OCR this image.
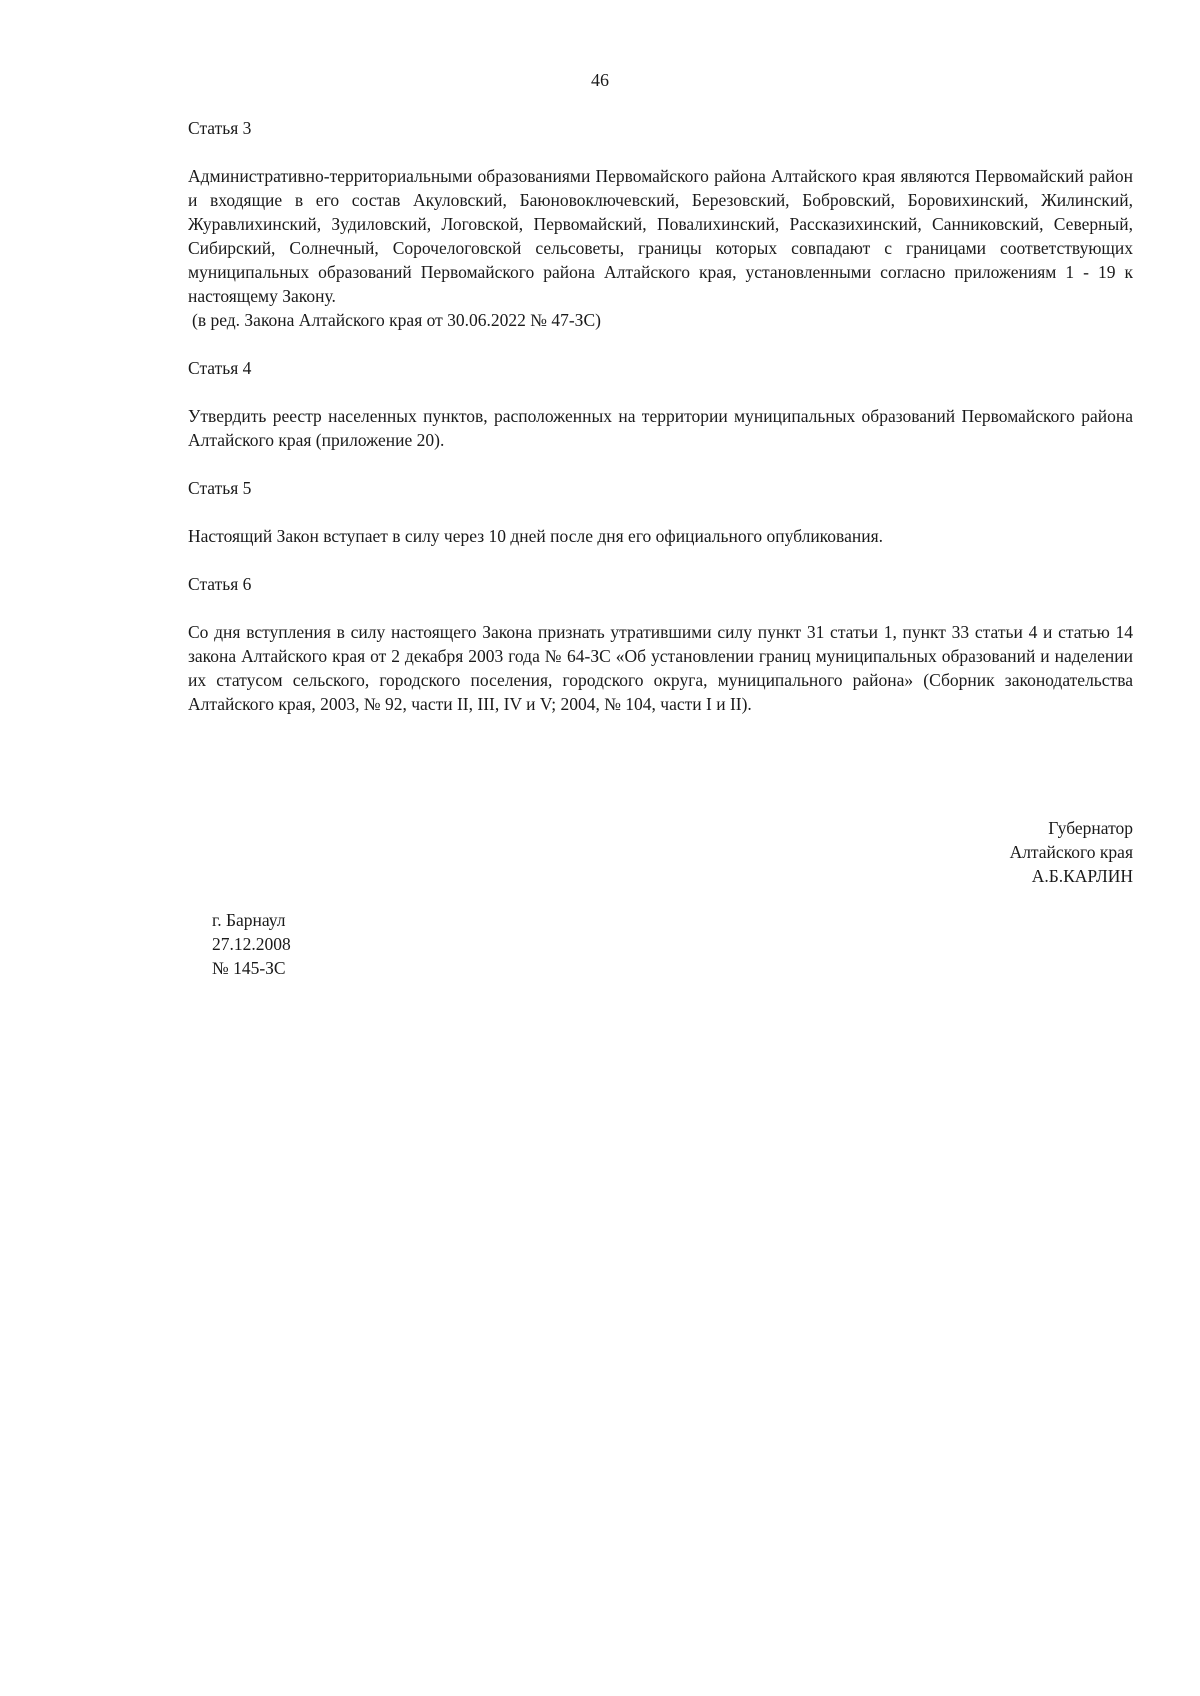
46
Статья 3

Административно-территориальными образованиями Первомайского района Алтайского края являются Первомайский район и входящие в его состав Акуловский, Баюновоключевский, Березовский, Бобровский, Боровихинский, Жилинский, Журавлихинский, Зудиловский, Логовской, Первомайский, Повалихинский, Рассказихинский, Санниковский, Северный, Сибирский, Солнечный, Сорочелоговской сельсоветы, границы которых совпадают с границами соответствующих муниципальных образований Первомайского района Алтайского края, установленными согласно приложениям 1 - 19 к настоящему Закону.

(в ред. Закона Алтайского края от 30.06.2022 № 47-ЗС)

Статья 4

Утвердить реестр населенных пунктов, расположенных на территории муниципальных образований Первомайского района Алтайского края (приложение 20).

Статья 5

Настоящий Закон вступает в силу через 10 дней после дня его официального опубликования.

Статья 6

Со дня вступления в силу настоящего Закона признать утратившими силу пункт 31 статьи 1, пункт 33 статьи 4 и статью 14 закона Алтайского края от 2 декабря 2003 года № 64-ЗС «Об установлении границ муниципальных образований и наделении их статусом сельского, городского поселения, городского округа, муниципального района» (Сборник законодательства Алтайского края, 2003, № 92, части II, III, IV и V; 2004, № 104, части I и II).

Губернатор
Алтайского края
А.Б.КАРЛИН
г. Барнаул
27.12.2008
№ 145-ЗС
